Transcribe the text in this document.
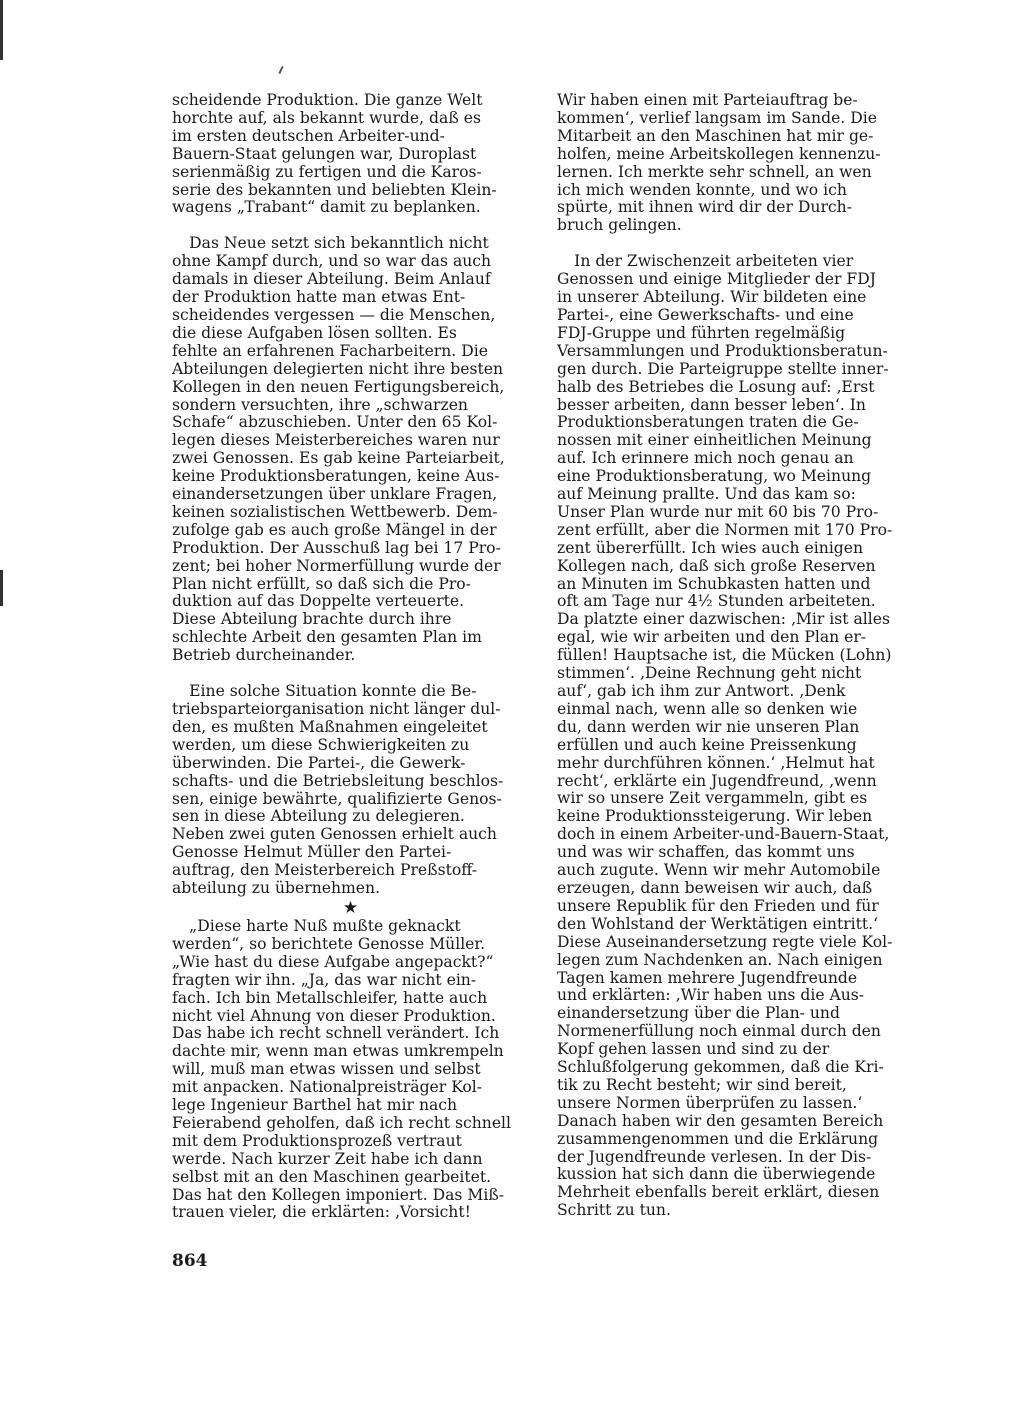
scheidende Produktion. Die ganze Welt
horchte auf, als bekannt wurde, daß es
im ersten deutschen Arbeiter-und-
Bauern-Staat gelungen war, Duroplast
serienmäßig zu fertigen und die Karos-
serie des bekannten und beliebten Klein-
wagens „Trabant“ damit zu beplanken.

Das Neue setzt sich bekanntlich nicht
ohne Kampf durch, und so war das auch
damals in dieser Abteilung. Beim Anlauf
der Produktion hatte man etwas Ent-
scheidendes vergessen — die Menschen,
die diese Aufgaben lösen sollten. Es
fehlte an erfahrenen Facharbeitern. Die
Abteilungen delegierten nicht ihre besten
Kollegen in den neuen Fertigungsbereich,
sondern versuchten, ihre „schwarzen
Schafe“ abzuschieben. Unter den 65 Kol-
legen dieses Meisterbereiches waren nur
zwei Genossen. Es gab keine Parteiarbeit,
keine Produktionsberatungen, keine Aus-
einandersetzungen über unklare Fragen,
keinen sozialistischen Wettbewerb. Dem-
zufolge gab es auch große Mängel in der
Produktion. Der Ausschuß lag bei 17 Pro-
zent; bei hoher Normerfüllung wurde der
Plan nicht erfüllt, so daß sich die Pro-
duktion auf das Doppelte verteuerte.
Diese Abteilung brachte durch ihre
schlechte Arbeit den gesamten Plan im
Betrieb durcheinander.

Eine solche Situation konnte die Be-
triebsparteiorganisation nicht länger dul-
den, es mußten Maßnahmen eingeleitet
werden, um diese Schwierigkeiten zu
überwinden. Die Partei-, die Gewerk-
schafts- und die Betriebsleitung beschlos-
sen, einige bewährte, qualifizierte Genos-
sen in diese Abteilung zu delegieren.
Neben zwei guten Genossen erhielt auch
Genosse Helmut Müller den Partei-
auftrag, den Meisterbereich Preßstoff-
abteilung zu übernehmen.

★

„Diese harte Nuß mußte geknackt
werden“, so berichtete Genosse Müller.
„Wie hast du diese Aufgabe angepackt?“
fragten wir ihn. „Ja, das war nicht ein-
fach. Ich bin Metallschleifer, hatte auch
nicht viel Ahnung von dieser Produktion.
Das habe ich recht schnell verändert. Ich
dachte mir, wenn man etwas umkrempeln
will, muß man etwas wissen und selbst
mit anpacken. Nationalpreisträger Kol-
lege Ingenieur Barthel hat mir nach
Feierabend geholfen, daß ich recht schnell
mit dem Produktionsprozeß vertraut
werde. Nach kurzer Zeit habe ich dann
selbst mit an den Maschinen gearbeitet.
Das hat den Kollegen imponiert. Das Miß-
trauen vieler, die erklärten: ‚Vorsicht!

Wir haben einen mit Parteiauftrag be-
kommen‘, verlief langsam im Sande. Die
Mitarbeit an den Maschinen hat mir ge-
holfen, meine Arbeitskollegen kennenzu-
lernen. Ich merkte sehr schnell, an wen
ich mich wenden konnte, und wo ich
spürte, mit ihnen wird dir der Durch-
bruch gelingen.

In der Zwischenzeit arbeiteten vier
Genossen und einige Mitglieder der FDJ
in unserer Abteilung. Wir bildeten eine
Partei-, eine Gewerkschafts- und eine
FDJ-Gruppe und führten regelmäßig
Versammlungen und Produktionsberatun-
gen durch. Die Parteigruppe stellte inner-
halb des Betriebes die Losung auf: ‚Erst
besser arbeiten, dann besser leben‘. In
Produktionsberatungen traten die Ge-
nossen mit einer einheitlichen Meinung
auf. Ich erinnere mich noch genau an
eine Produktionsberatung, wo Meinung
auf Meinung prallte. Und das kam so:
Unser Plan wurde nur mit 60 bis 70 Pro-
zent erfüllt, aber die Normen mit 170 Pro-
zent übererfüllt. Ich wies auch einigen
Kollegen nach, daß sich große Reserven
an Minuten im Schubkasten hatten und
oft am Tage nur 4½ Stunden arbeiteten.
Da platzte einer dazwischen: ‚Mir ist alles
egal, wie wir arbeiten und den Plan er-
füllen! Hauptsache ist, die Mücken (Lohn)
stimmen‘. ‚Deine Rechnung geht nicht
auf‘, gab ich ihm zur Antwort. ‚Denk
einmal nach, wenn alle so denken wie
du, dann werden wir nie unseren Plan
erfüllen und auch keine Preissenkung
mehr durchführen können.‘ ‚Helmut hat
recht‘, erklärte ein Jugendfreund, ‚wenn
wir so unsere Zeit vergammeln, gibt es
keine Produktionssteigerung. Wir leben
doch in einem Arbeiter-und-Bauern-Staat,
und was wir schaffen, das kommt uns
auch zugute. Wenn wir mehr Automobile
erzeugen, dann beweisen wir auch, daß
unsere Republik für den Frieden und für
den Wohlstand der Werktätigen eintritt.‘
Diese Auseinandersetzung regte viele Kol-
legen zum Nachdenken an. Nach einigen
Tagen kamen mehrere Jugendfreunde
und erklärten: ‚Wir haben uns die Aus-
einandersetzung über die Plan- und
Normenerfüllung noch einmal durch den
Kopf gehen lassen und sind zu der
Schlußfolgerung gekommen, daß die Kri-
tik zu Recht besteht; wir sind bereit,
unsere Normen überprüfen zu lassen.‘
Danach haben wir den gesamten Bereich
zusammengenommen und die Erklärung
der Jugendfreunde verlesen. In der Dis-
kussion hat sich dann die überwiegende
Mehrheit ebenfalls bereit erklärt, diesen
Schritt zu tun.

864
